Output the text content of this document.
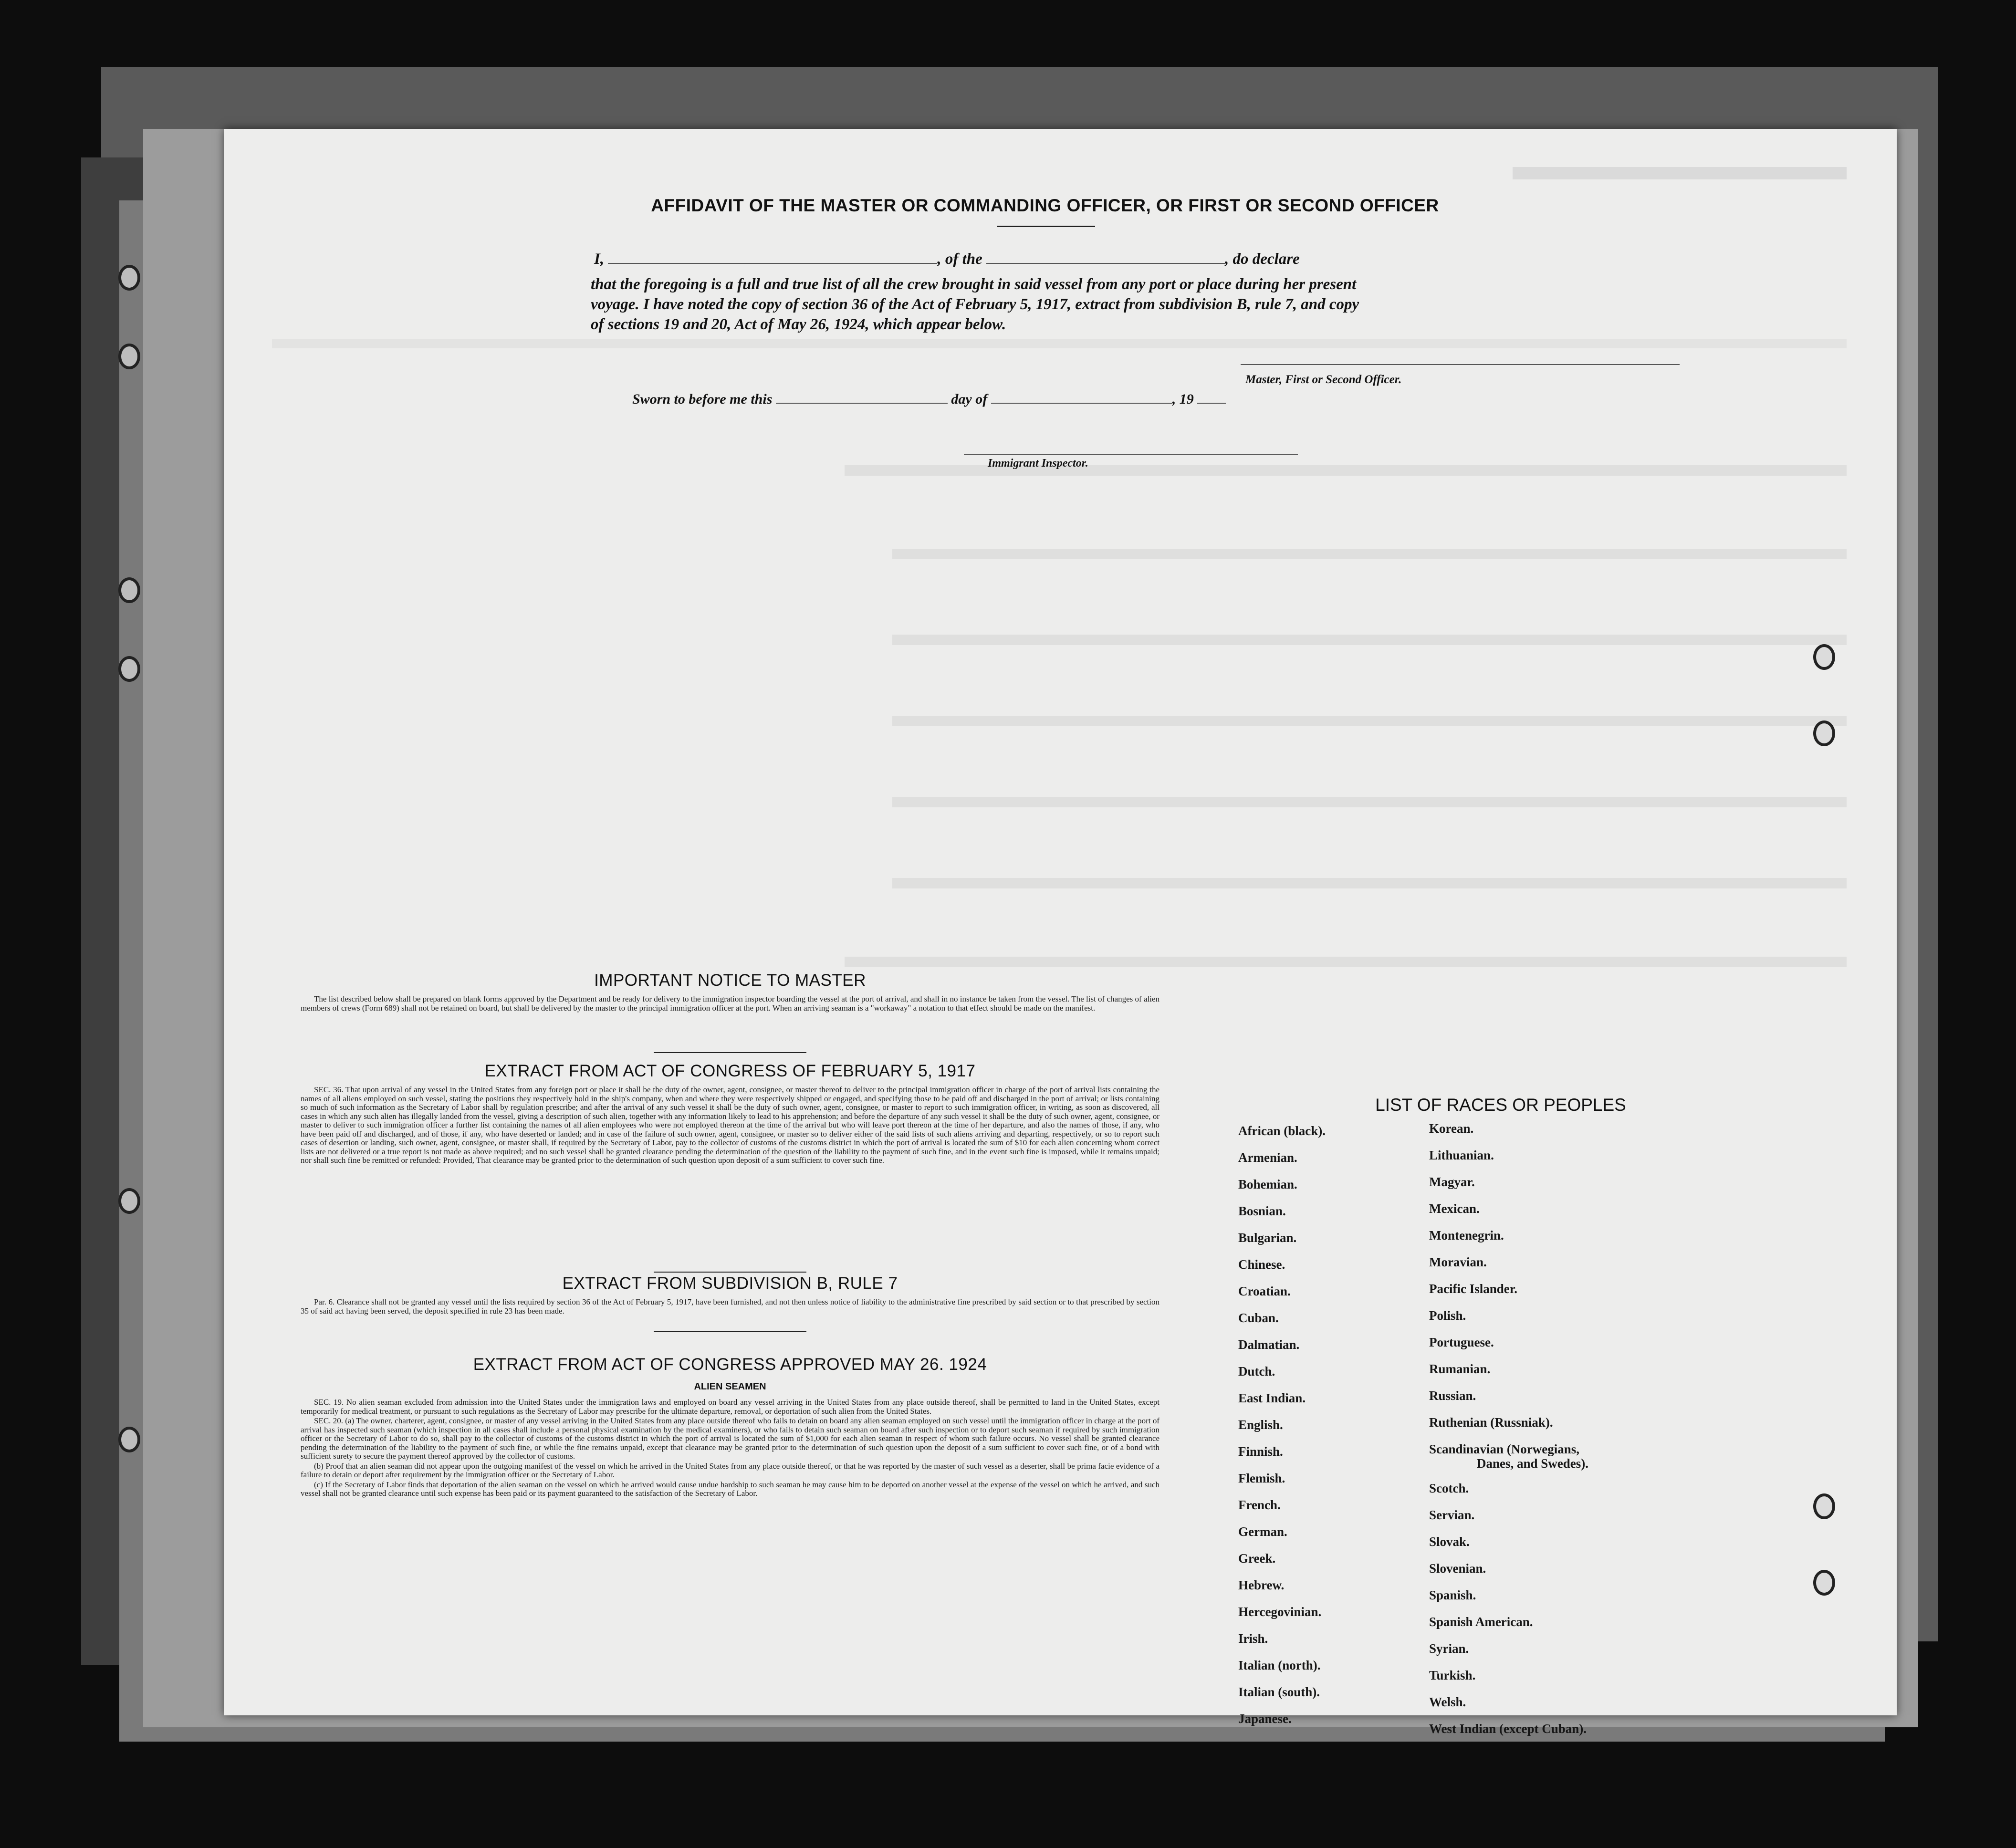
AFFIDAVIT OF THE MASTER OR COMMANDING OFFICER, OR FIRST OR SECOND OFFICER
I,	, of the	, do declare
that the foregoing is a full and true list of all the crew brought in said vessel from any port or place during her present
voyage. I have noted the copy of section 36 of the Act of February 5, 1917, extract from subdivision B, rule 7, and copy
of sections 19 and 20, Act of May 26, 1924, which appear below.
Master, First or Second Officer.
Sworn to before me this	day of	, 19
Immigrant Inspector.
IMPORTANT NOTICE TO MASTER

The list described below shall be prepared on blank forms approved by the Department and be ready for delivery to the immigration inspector boarding the vessel at the port of arrival, and shall in no instance be taken from the vessel. The list of changes of alien members of crews (Form 689) shall not be retained on board, but shall be delivered by the master to the principal immigration officer at the port. When an arriving seaman is a "workaway" a notation to that effect should be made on the manifest.

EXTRACT FROM ACT OF CONGRESS OF FEBRUARY 5, 1917

SEC. 36. That upon arrival of any vessel in the United States from any foreign port or place it shall be the duty of the owner, agent, consignee, or master thereof to deliver to the principal immigration officer in charge of the port of arrival lists containing the names of all aliens employed on such vessel, stating the positions they respectively hold in the ship's company, when and where they were respectively shipped or engaged, and specifying those to be paid off and discharged in the port of arrival; or lists containing so much of such information as the Secretary of Labor shall by regulation prescribe; and after the arrival of any such vessel it shall be the duty of such owner, agent, consignee, or master to report to such immigration officer, in writing, as soon as discovered, all cases in which any such alien has illegally landed from the vessel, giving a description of such alien, together with any information likely to lead to his apprehension; and before the departure of any such vessel it shall be the duty of such owner, agent, consignee, or master to deliver to such immigration officer a further list containing the names of all alien employees who were not employed thereon at the time of the arrival but who will leave port thereon at the time of her departure, and also the names of those, if any, who have been paid off and discharged, and of those, if any, who have deserted or landed; and in case of the failure of such owner, agent, consignee, or master so to deliver either of the said lists of such aliens arriving and departing, respectively, or so to report such cases of desertion or landing, such owner, agent, consignee, or master shall, if required by the Secretary of Labor, pay to the collector of customs of the customs district in which the port of arrival is located the sum of $10 for each alien concerning whom correct lists are not delivered or a true report is not made as above required; and no such vessel shall be granted clearance pending the determination of the question of the liability to the payment of such fine, and in the event such fine is imposed, while it remains unpaid; nor shall such fine be remitted or refunded: Provided, That clearance may be granted prior to the determination of such question upon deposit of a sum sufficient to cover such fine.

EXTRACT FROM SUBDIVISION B, RULE 7

Par. 6. Clearance shall not be granted any vessel until the lists required by section 36 of the Act of February 5, 1917, have been furnished, and not then unless notice of liability to the administrative fine prescribed by said section or to that prescribed by section 35 of said act having been served, the deposit specified in rule 23 has been made.

EXTRACT FROM ACT OF CONGRESS APPROVED MAY 26. 1924
ALIEN SEAMEN

SEC. 19. No alien seaman excluded from admission into the United States under the immigration laws and employed on board any vessel arriving in the United States from any place outside thereof, shall be permitted to land in the United States, except temporarily for medical treatment, or pursuant to such regulations as the Secretary of Labor may prescribe for the ultimate departure, removal, or deportation of such alien from the United States.

SEC. 20. (a) The owner, charterer, agent, consignee, or master of any vessel arriving in the United States from any place outside thereof who fails to detain on board any alien seaman employed on such vessel until the immigration officer in charge at the port of arrival has inspected such seaman (which inspection in all cases shall include a personal physical examination by the medical examiners), or who fails to detain such seaman on board after such inspection or to deport such seaman if required by such immigration officer or the Secretary of Labor to do so, shall pay to the collector of customs of the customs district in which the port of arrival is located the sum of $1,000 for each alien seaman in respect of whom such failure occurs. No vessel shall be granted clearance pending the determination of the liability to the payment of such fine, or while the fine remains unpaid, except that clearance may be granted prior to the determination of such question upon the deposit of a sum sufficient to cover such fine, or of a bond with sufficient surety to secure the payment thereof approved by the collector of customs.

(b) Proof that an alien seaman did not appear upon the outgoing manifest of the vessel on which he arrived in the United States from any place outside thereof, or that he was reported by the master of such vessel as a deserter, shall be prima facie evidence of a failure to detain or deport after requirement by the immigration officer or the Secretary of Labor.

(c) If the Secretary of Labor finds that deportation of the alien seaman on the vessel on which he arrived would cause undue hardship to such seaman he may cause him to be deported on another vessel at the expense of the vessel on which he arrived, and such vessel shall not be granted clearance until such expense has been paid or its payment guaranteed to the satisfaction of the Secretary of Labor.

LIST OF RACES OR PEOPLES
African (black).
Armenian.
Bohemian.
Bosnian.
Bulgarian.
Chinese.
Croatian.
Cuban.
Dalmatian.
Dutch.
East Indian.
English.
Finnish.
Flemish.
French.
German.
Greek.
Hebrew.
Hercegovinian.
Irish.
Italian (north).
Italian (south).
Japanese.
Korean.
Lithuanian.
Magyar.
Mexican.
Montenegrin.
Moravian.
Pacific Islander.
Polish.
Portuguese.
Rumanian.
Russian.
Ruthenian (Russniak).
Scandinavian (Norwegians,
Danes, and Swedes).
Scotch.
Servian.
Slovak.
Slovenian.
Spanish.
Spanish American.
Syrian.
Turkish.
Welsh.
West Indian (except Cuban).
